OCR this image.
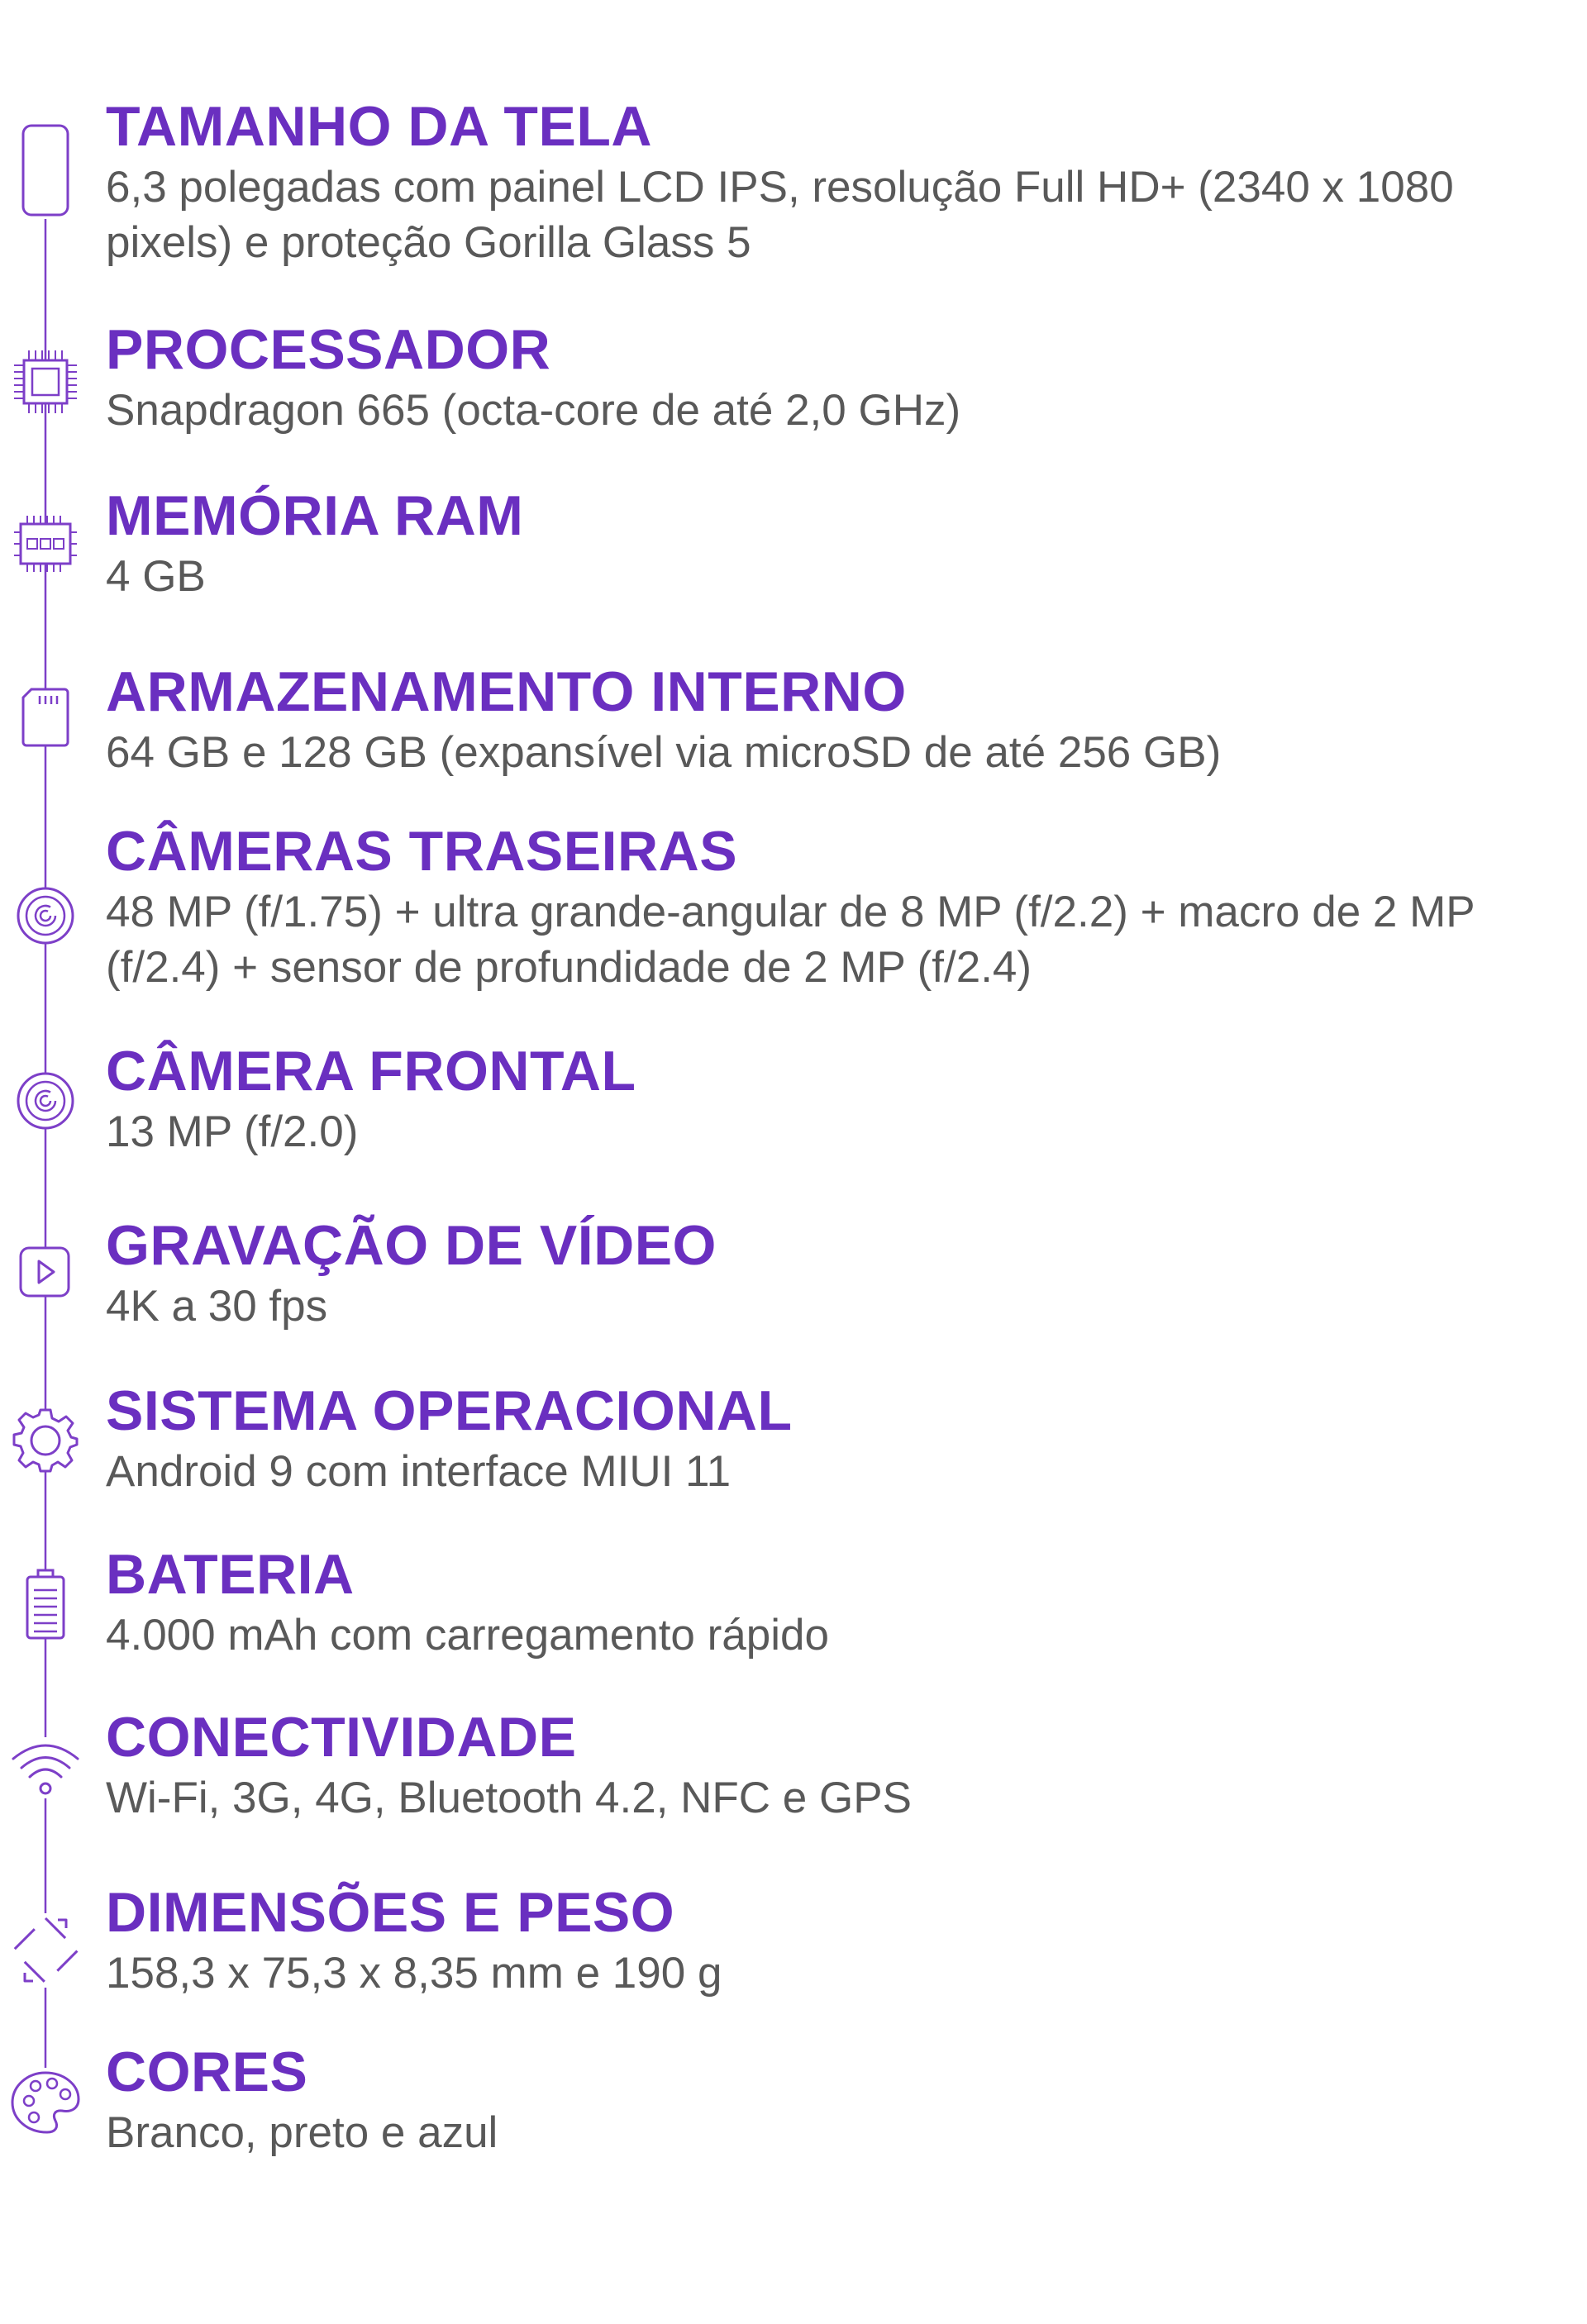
TAMANHO DA TELA
6,3 polegadas com painel LCD IPS, resolução Full HD+ (2340 x 1080 pixels) e proteção Gorilla Glass 5
PROCESSADOR
Snapdragon 665 (octa-core de até 2,0 GHz)
MEMÓRIA RAM
4 GB
ARMAZENAMENTO INTERNO
64 GB e 128 GB (expansível via microSD de até 256 GB)
CÂMERAS TRASEIRAS
48 MP (f/1.75) + ultra grande-angular de 8 MP (f/2.2) + macro de 2 MP (f/2.4) + sensor de profundidade de 2 MP (f/2.4)
CÂMERA FRONTAL
13 MP (f/2.0)
GRAVAÇÃO DE VÍDEO
4K a 30 fps
SISTEMA OPERACIONAL
Android 9 com interface MIUI 11
BATERIA
4.000 mAh com carregamento rápido
CONECTIVIDADE
Wi-Fi, 3G, 4G, Bluetooth 4.2, NFC e GPS
DIMENSÕES E PESO
158,3 x 75,3 x 8,35 mm e 190 g
CORES
Branco, preto e azul
